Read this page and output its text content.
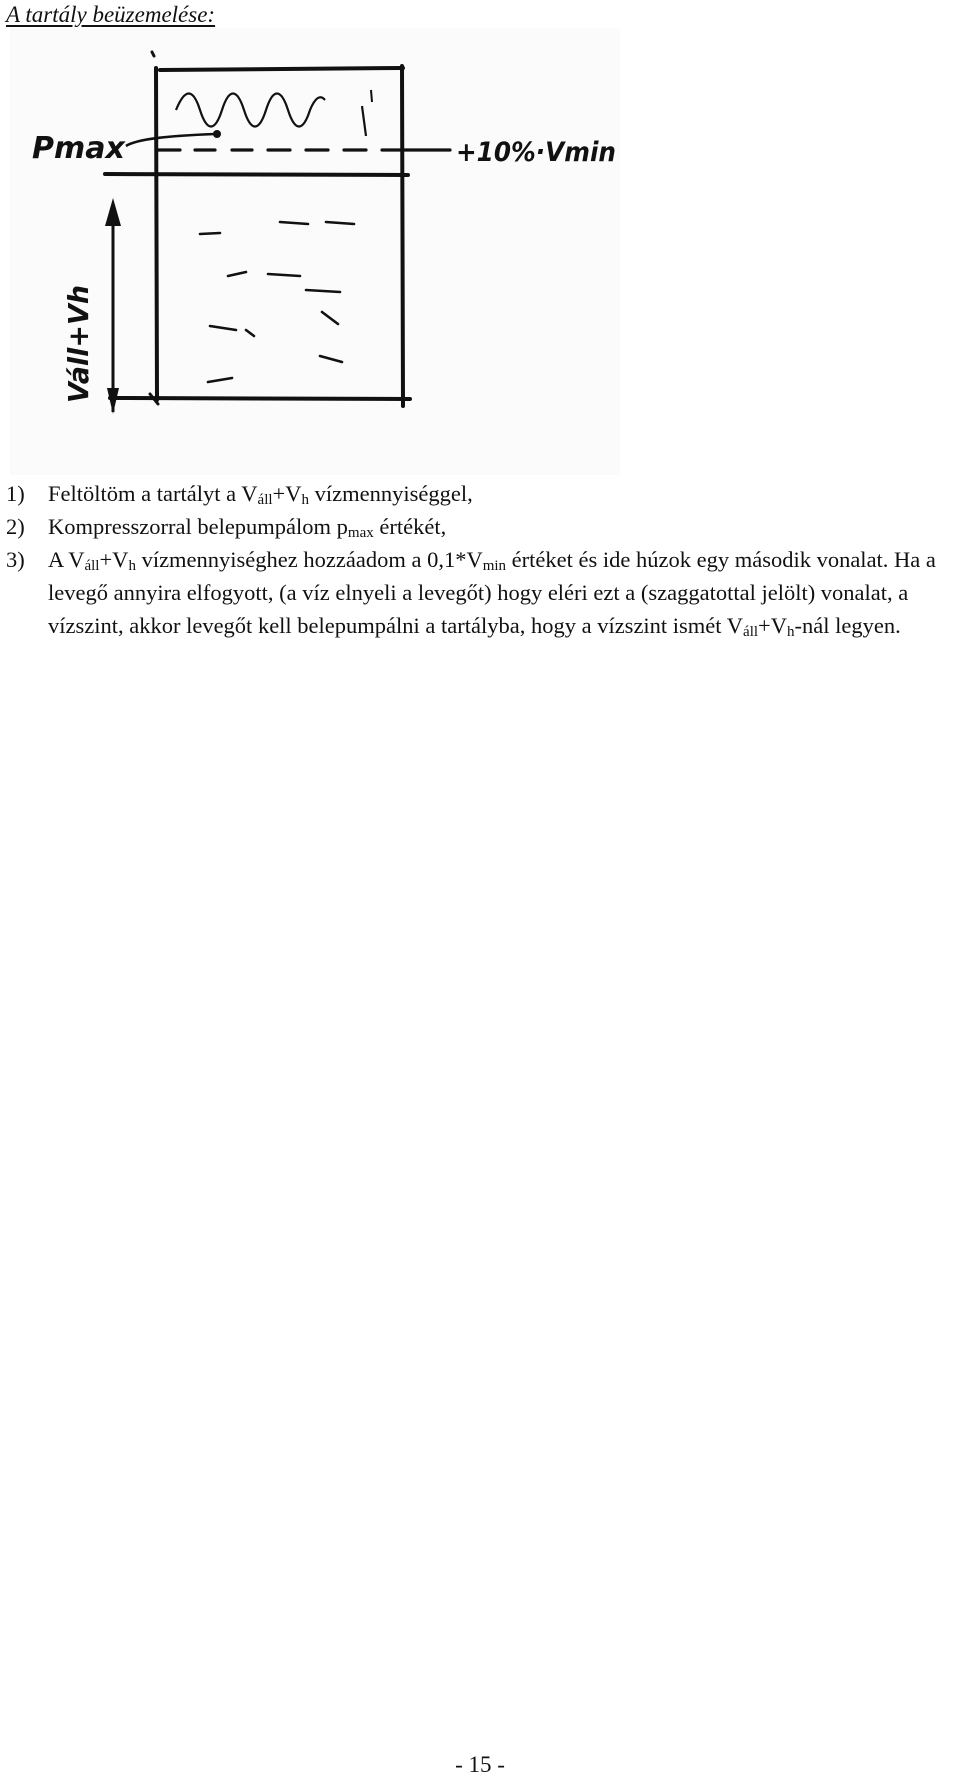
A tartály beüzemelése:
Pmax	+10%·Vmin
Váll+Vh
1) Feltöltöm a tartályt a $V_{áll}+V_h$ vízmennyiséggel,
2) Kompresszorral belepumpálom $p_{max}$ értékét,
3) A $V_{áll}+V_h$ vízmennyiséghez hozzáadom a $0,1*V_{min}$ értéket és ide húzok egy második vonalat. Ha a levegő annyira elfogyott, (a víz elnyeli a levegőt) hogy eléri ezt a (szaggatottal jelölt) vonalat, a vízszint, akkor levegőt kell belepumpálni a tartályba, hogy a vízszint ismét $V_{áll}+V_h$-nál legyen.
- 15 -
